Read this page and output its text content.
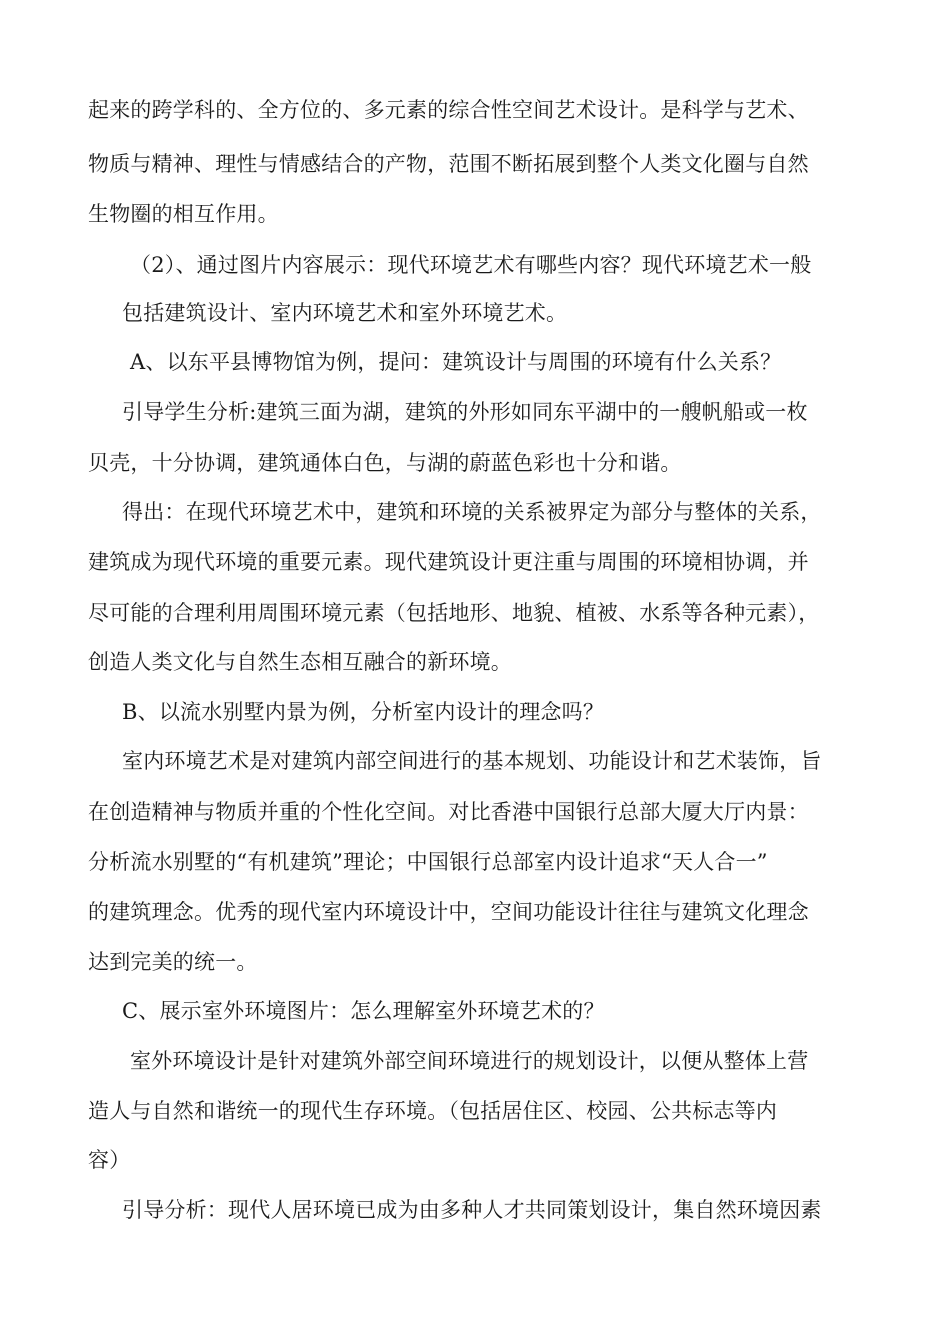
起来的跨学科的、全方位的、多元素的综合性空间艺术设计。是科学与艺术、
物质与精神、理性与情感结合的产物，范围不断拓展到整个人类文化圈与自然
生物圈的相互作用。
（2）、通过图片内容展示：现代环境艺术有哪些内容？现代环境艺术一般
包括建筑设计、室内环境艺术和室外环境艺术。
A、以东平县博物馆为例，提问：建筑设计与周围的环境有什么关系？
引导学生分析:建筑三面为湖，建筑的外形如同东平湖中的一艘帆船或一枚
贝壳，十分协调，建筑通体白色，与湖的蔚蓝色彩也十分和谐。
得出：在现代环境艺术中，建筑和环境的关系被界定为部分与整体的关系，
建筑成为现代环境的重要元素。现代建筑设计更注重与周围的环境相协调，并
尽可能的合理利用周围环境元素（包括地形、地貌、植被、水系等各种元素），
创造人类文化与自然生态相互融合的新环境。
B、以流水别墅内景为例，分析室内设计的理念吗？
室内环境艺术是对建筑内部空间进行的基本规划、功能设计和艺术装饰，旨
在创造精神与物质并重的个性化空间。对比香港中国银行总部大厦大厅内景：
分析流水别墅的“有机建筑”理论；中国银行总部室内设计追求“天人合一”
的建筑理念。优秀的现代室内环境设计中，空间功能设计往往与建筑文化理念
达到完美的统一。
C、展示室外环境图片：怎么理解室外环境艺术的？
室外环境设计是针对建筑外部空间环境进行的规划设计，以便从整体上营
造人与自然和谐统一的现代生存环境。（包括居住区、校园、公共标志等内
容）
引导分析：现代人居环境已成为由多种人才共同策划设计，集自然环境因素
